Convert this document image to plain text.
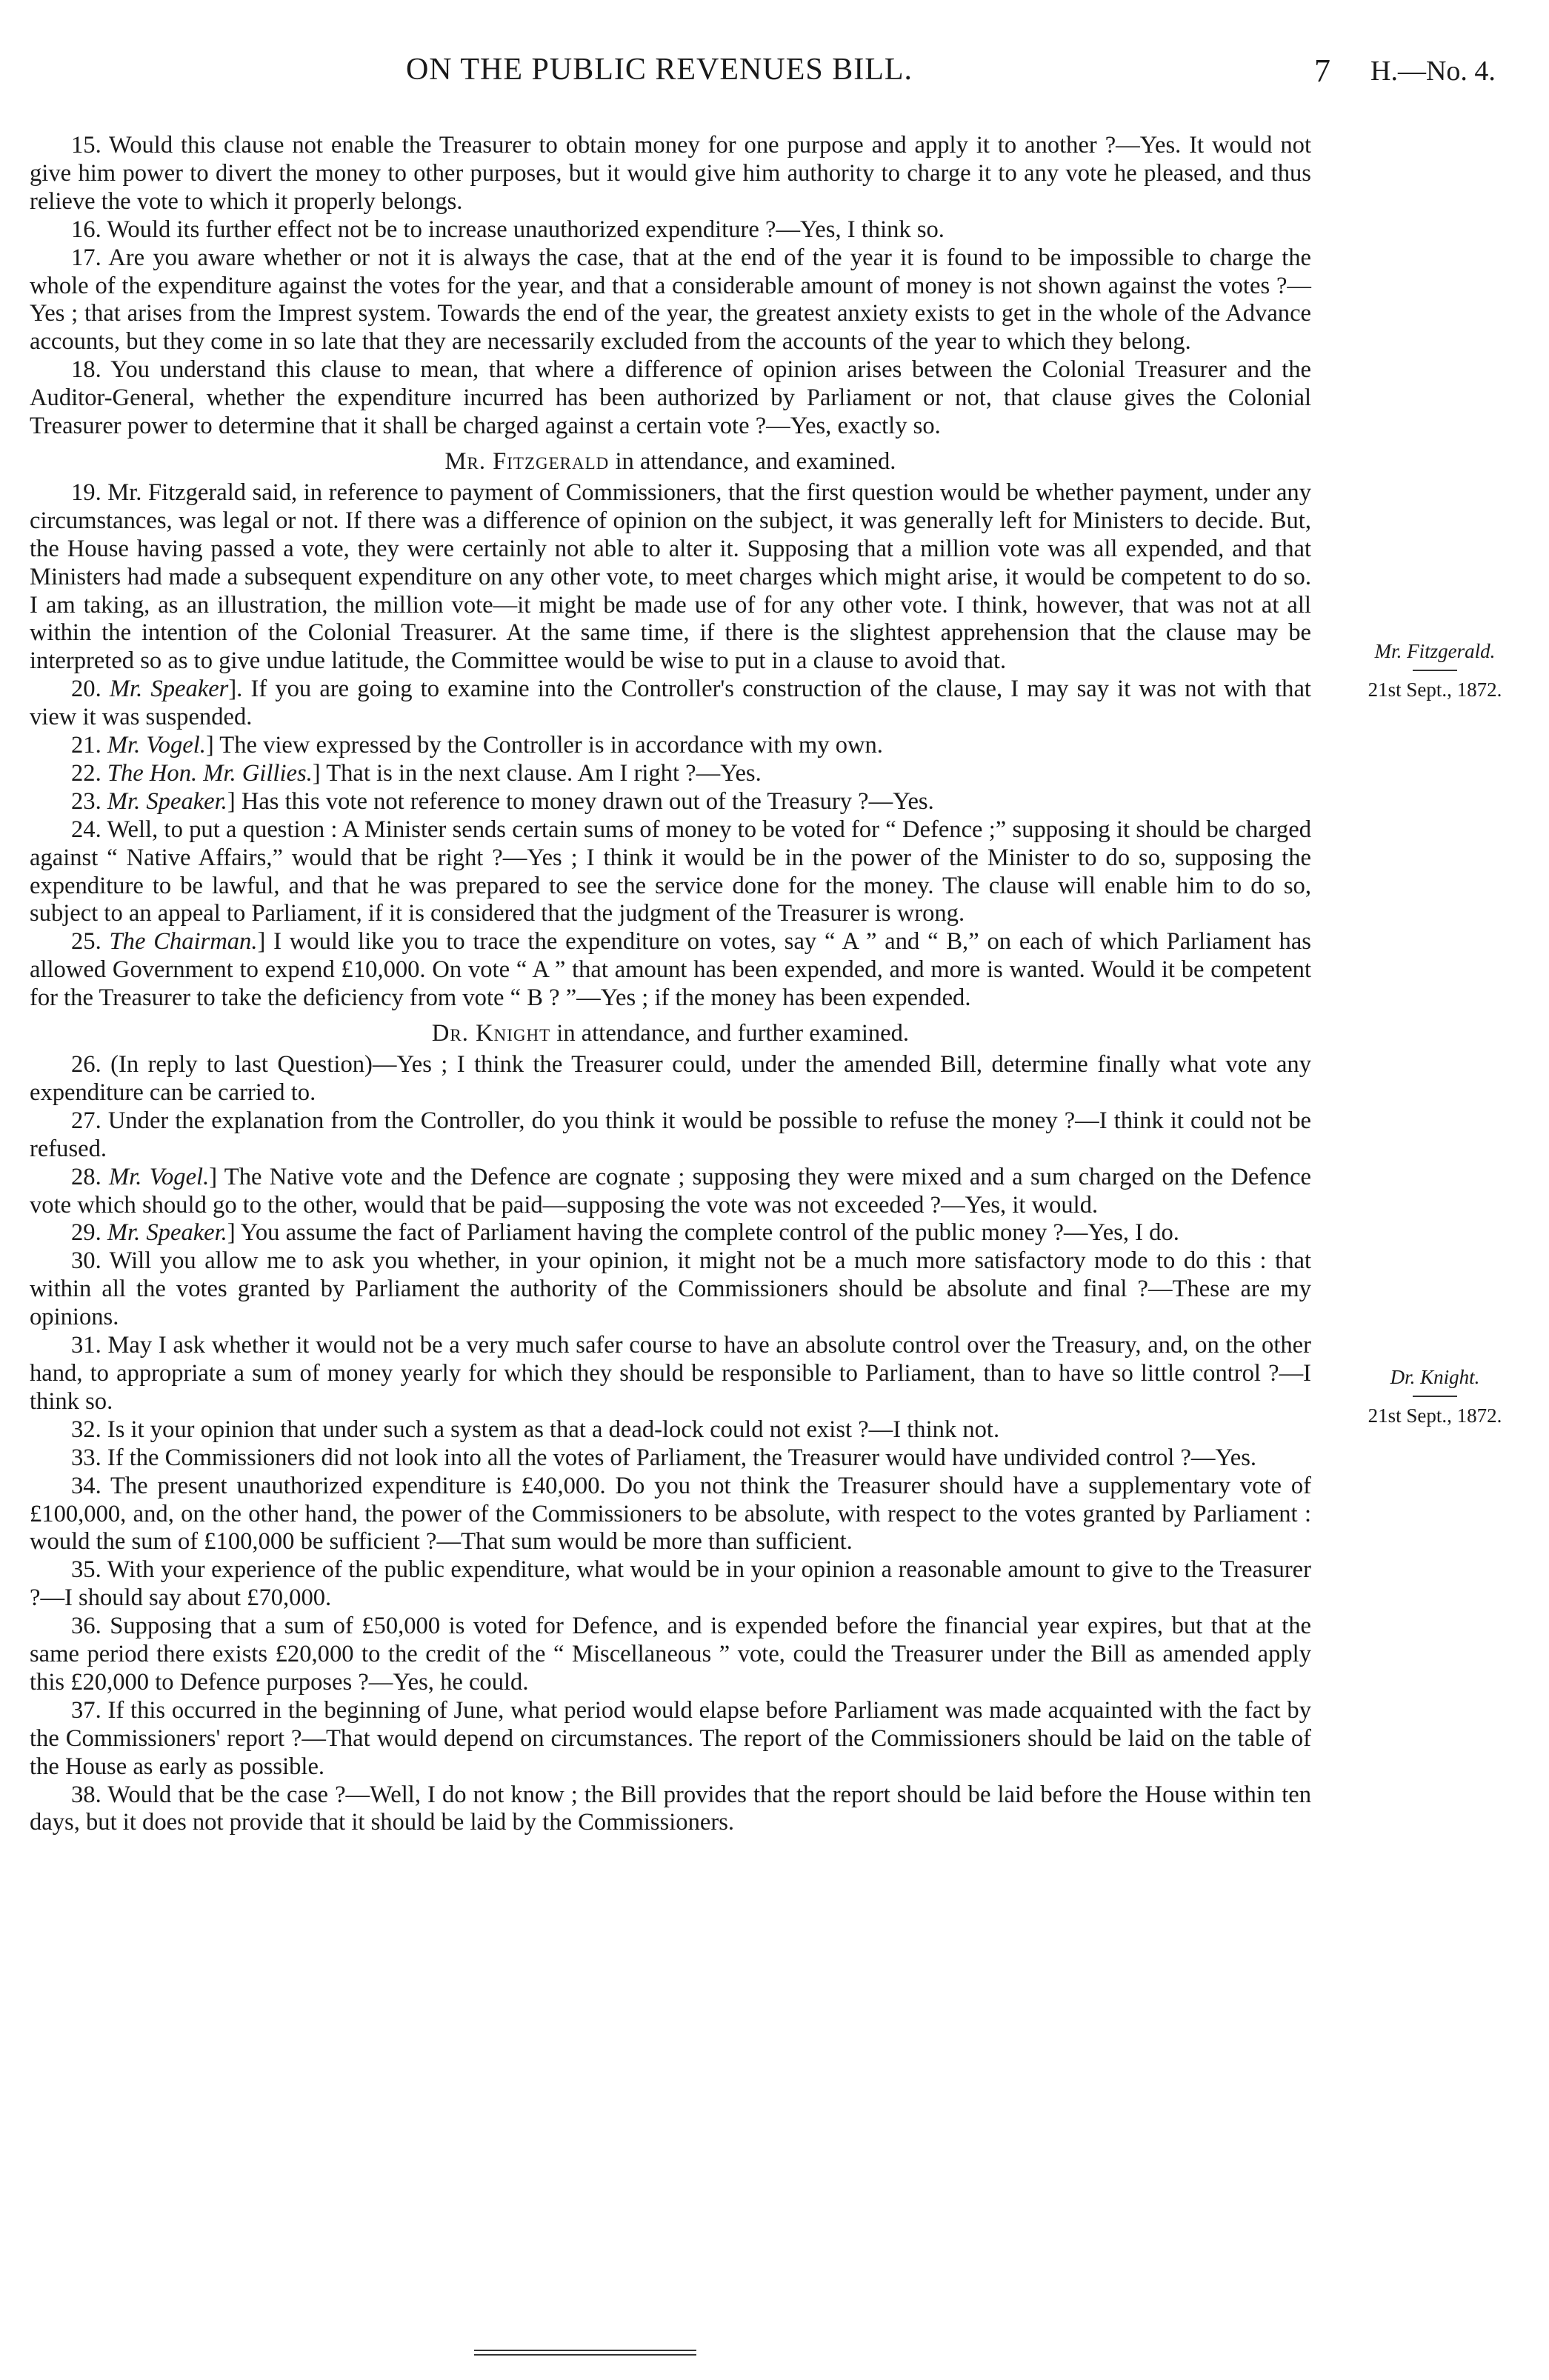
ON THE PUBLIC REVENUES BILL.	7 H.—No. 4.

15. Would this clause not enable the Treasurer to obtain money for one purpose and apply it to another ?—Yes. It would not give him power to divert the money to other purposes, but it would give him authority to charge it to any vote he pleased, and thus relieve the vote to which it properly belongs.

16. Would its further effect not be to increase unauthorized expenditure ?—Yes, I think so.

17. Are you aware whether or not it is always the case, that at the end of the year it is found to be impossible to charge the whole of the expenditure against the votes for the year, and that a considerable amount of money is not shown against the votes ?—Yes ; that arises from the Imprest system. Towards the end of the year, the greatest anxiety exists to get in the whole of the Advance accounts, but they come in so late that they are necessarily excluded from the accounts of the year to which they belong.

18. You understand this clause to mean, that where a difference of opinion arises between the Colonial Treasurer and the Auditor-General, whether the expenditure incurred has been authorized by Parliament or not, that clause gives the Colonial Treasurer power to determine that it shall be charged against a certain vote ?—Yes, exactly so.

Mr. Fitzgerald in attendance, and examined.

19. Mr. Fitzgerald said, in reference to payment of Commissioners, that the first question would be whether payment, under any circumstances, was legal or not. If there was a difference of opinion on the subject, it was generally left for Ministers to decide. But, the House having passed a vote, they were certainly not able to alter it. Supposing that a million vote was all expended, and that Ministers had made a subsequent expenditure on any other vote, to meet charges which might arise, it would be competent to do so. I am taking, as an illustration, the million vote—it might be made use of for any other vote. I think, however, that was not at all within the intention of the Colonial Treasurer. At the same time, if there is the slightest apprehension that the clause may be interpreted so as to give undue latitude, the Committee would be wise to put in a clause to avoid that.

20. Mr. Speaker]. If you are going to examine into the Controller's construction of the clause, I may say it was not with that view it was suspended.

21. Mr. Vogel.] The view expressed by the Controller is in accordance with my own.

22. The Hon. Mr. Gillies.] That is in the next clause. Am I right ?—Yes.

23. Mr. Speaker.] Has this vote not reference to money drawn out of the Treasury ?—Yes.

24. Well, to put a question : A Minister sends certain sums of money to be voted for “ Defence ;” supposing it should be charged against “ Native Affairs,” would that be right ?—Yes ; I think it would be in the power of the Minister to do so, supposing the expenditure to be lawful, and that he was prepared to see the service done for the money. The clause will enable him to do so, subject to an appeal to Parliament, if it is considered that the judgment of the Treasurer is wrong.

25. The Chairman.] I would like you to trace the expenditure on votes, say “ A ” and “ B,” on each of which Parliament has allowed Government to expend £10,000. On vote “ A ” that amount has been expended, and more is wanted. Would it be competent for the Treasurer to take the deficiency from vote “ B ? ”—Yes ; if the money has been expended.

Dr. Knight in attendance, and further examined.

26. (In reply to last Question)—Yes ; I think the Treasurer could, under the amended Bill, determine finally what vote any expenditure can be carried to.

27. Under the explanation from the Controller, do you think it would be possible to refuse the money ?—I think it could not be refused.

28. Mr. Vogel.] The Native vote and the Defence are cognate ; supposing they were mixed and a sum charged on the Defence vote which should go to the other, would that be paid—supposing the vote was not exceeded ?—Yes, it would.

29. Mr. Speaker.] You assume the fact of Parliament having the complete control of the public money ?—Yes, I do.

30. Will you allow me to ask you whether, in your opinion, it might not be a much more satisfactory mode to do this : that within all the votes granted by Parliament the authority of the Commissioners should be absolute and final ?—These are my opinions.

31. May I ask whether it would not be a very much safer course to have an absolute control over the Treasury, and, on the other hand, to appropriate a sum of money yearly for which they should be responsible to Parliament, than to have so little control ?—I think so.

32. Is it your opinion that under such a system as that a dead-lock could not exist ?—I think not.

33. If the Commissioners did not look into all the votes of Parliament, the Treasurer would have undivided control ?—Yes.

34. The present unauthorized expenditure is £40,000. Do you not think the Treasurer should have a supplementary vote of £100,000, and, on the other hand, the power of the Commissioners to be absolute, with respect to the votes granted by Parliament : would the sum of £100,000 be sufficient ?—That sum would be more than sufficient.

35. With your experience of the public expenditure, what would be in your opinion a reasonable amount to give to the Treasurer ?—I should say about £70,000.

36. Supposing that a sum of £50,000 is voted for Defence, and is expended before the financial year expires, but that at the same period there exists £20,000 to the credit of the “ Miscellaneous ” vote, could the Treasurer under the Bill as amended apply this £20,000 to Defence purposes ?—Yes, he could.

37. If this occurred in the beginning of June, what period would elapse before Parliament was made acquainted with the fact by the Commissioners' report ?—That would depend on circumstances. The report of the Commissioners should be laid on the table of the House as early as possible.

38. Would that be the case ?—Well, I do not know ; the Bill provides that the report should be laid before the House within ten days, but it does not provide that it should be laid by the Commissioners.

Mr. Fitzgerald.
21st Sept., 1872.
Dr. Knight.
21st Sept., 1872.
